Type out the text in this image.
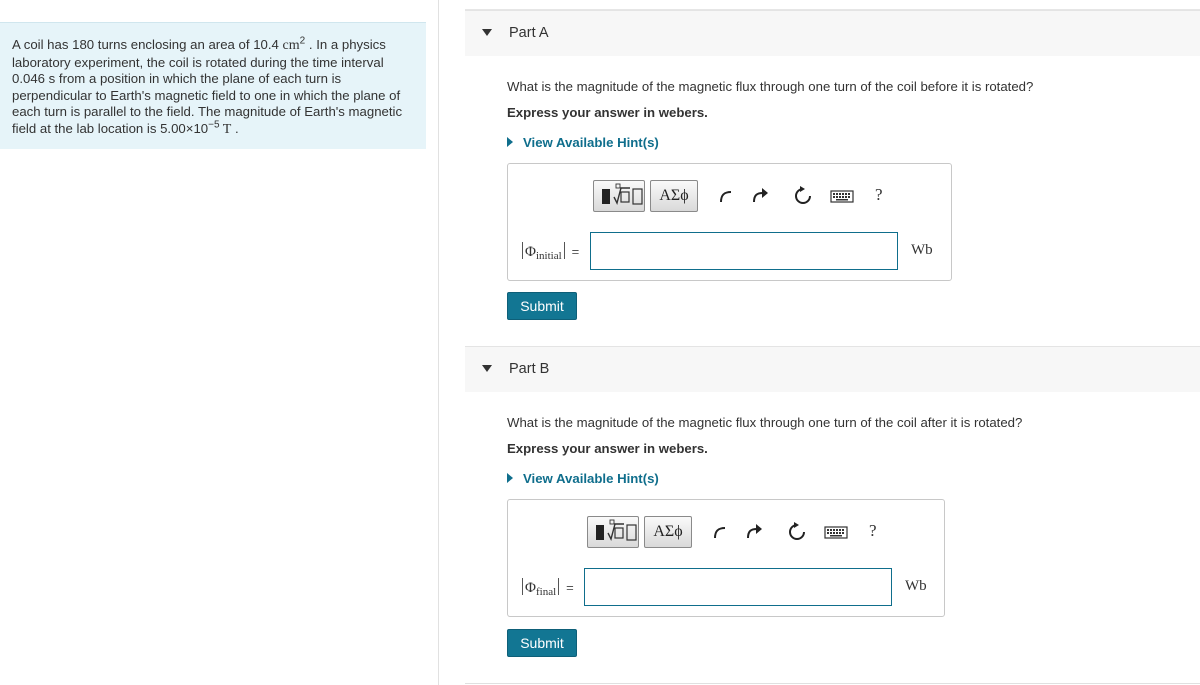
A coil has 180 turns enclosing an area of 10.4 $cm^2$ . In a physics laboratory experiment, the coil is rotated during the time interval 0.046 s from a position in which the plane of each turn is perpendicular to Earth's magnetic field to one in which the plane of each turn is parallel to the field. The magnitude of Earth's magnetic field at the lab location is $5.00\times 10^{-5}$ T .
Part A
What is the magnitude of the magnetic flux through one turn of the coil before it is rotated?
Express your answer in webers.
View Available Hint(s)
ΑΣϕ	?
$\Phi_{initial}$ =	Wb
Submit
Part B
What is the magnitude of the magnetic flux through one turn of the coil after it is rotated?
Express your answer in webers.
View Available Hint(s)
ΑΣϕ	?
$\Phi_{final}$ =	Wb
Submit
